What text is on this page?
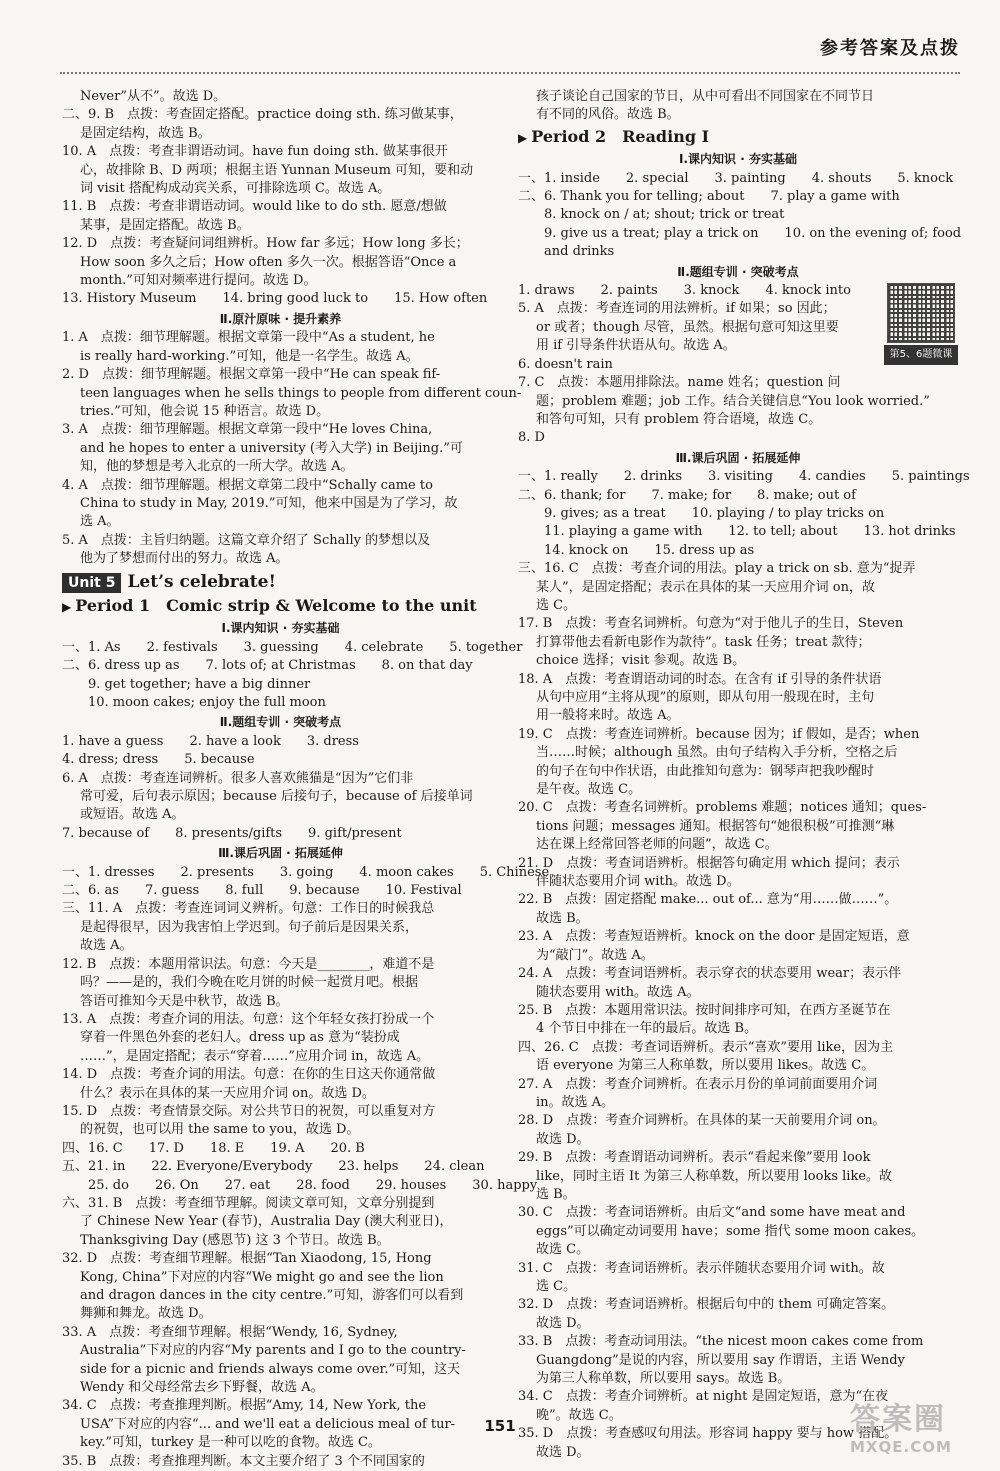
参考答案及点拨
Never”从不”。故选 D。
二、9. B　点拨：考查固定搭配。practice doing sth. 练习做某事，
是固定结构，故选 B。
10. A　点拨：考查非谓语动词。have fun doing sth. 做某事很开
心，故排除 B、D 两项；根据主语 Yunnan Museum 可知，要和动
词 visit 搭配构成动宾关系，可排除选项 C。故选 A。
11. B　点拨：考查非谓语动词。would like to do sth. 愿意/想做
某事，是固定搭配。故选 B。
12. D　点拨：考查疑问词组辨析。How far 多远；How long 多长；
How soon 多久之后；How often 多久一次。根据答语“Once a
month.”可知对频率进行提问。故选 D。
13. History Museum　　14. bring good luck to　　15. How often
Ⅱ.原汁原味 · 提升素养
1. A　点拨：细节理解题。根据文章第一段中“As a student, he
is really hard-working.”可知，他是一名学生。故选 A。
2. D　点拨：细节理解题。根据文章第一段中“He can speak fif-
teen languages when he sells things to people from different coun-
tries.”可知，他会说 15 种语言。故选 D。
3. A　点拨：细节理解题。根据文章第一段中“He loves China,
and he hopes to enter a university (考入大学) in Beijing.”可
知，他的梦想是考入北京的一所大学。故选 A。
4. A　点拨：细节理解题。根据文章第二段中“Schally came to
China to study in May, 2019.”可知，他来中国是为了学习，故
选 A。
5. A　点拨：主旨归纳题。这篇文章介绍了 Schally 的梦想以及
他为了梦想而付出的努力。故选 A。
Unit 5 Let’s celebrate!
▶ Period 1　Comic strip & Welcome to the unit
Ⅰ.课内知识 · 夯实基础
一、1. As　　2. festivals　　3. guessing　　4. celebrate　　5. together
二、6. dress up as　　7. lots of; at Christmas　　8. on that day
9. get together; have a big dinner
10. moon cakes; enjoy the full moon
Ⅱ.题组专训 · 突破考点
1. have a guess　　2. have a look　　3. dress
4. dress; dress　　5. because
6. A　点拨：考查连词辨析。很多人喜欢熊猫是“因为”它们非
常可爱，后句表示原因；because 后接句子，because of 后接单词
或短语。故选 A。
7. because of　　8. presents/gifts　　9. gift/present
Ⅲ.课后巩固 · 拓展延伸
一、1. dresses　　2. presents　　3. going　　4. moon cakes　　5. Chinese
二、6. as　　7. guess　　8. full　　9. because　　10. Festival
三、11. A　点拨：考查连词词义辨析。句意：工作日的时候我总
是起得很早，因为我害怕上学迟到。句子前后是因果关系，
故选 A。
12. B　点拨：本题用常识法。句意：今天是________，难道不是
吗？——是的，我们今晚在吃月饼的时候一起赏月吧。根据
答语可推知今天是中秋节，故选 B。
13. A　点拨：考查介词的用法。句意：这个年轻女孩打扮成一个
穿着一件黑色外套的老妇人。dress up as 意为“装扮成
……”，是固定搭配；表示“穿着……”应用介词 in，故选 A。
14. D　点拨：考查介词的用法。句意：在你的生日这天你通常做
什么？表示在具体的某一天应用介词 on。故选 D。
15. D　点拨：考查情景交际。对公共节日的祝贺，可以重复对方
的祝贺，也可以用 the same to you，故选 D。
四、16. C　　17. D　　18. E　　19. A　　20. B
五、21. in　　22. Everyone/Everybody　　23. helps　　24. clean
25. do　　26. On　　27. eat　　28. food　　29. houses　　30. happy
六、31. B　点拨：考查细节理解。阅读文章可知，文章分别提到
了 Chinese New Year (春节)，Australia Day (澳大利亚日)，
Thanksgiving Day (感恩节) 这 3 个节日。故选 B。
32. D　点拨：考查细节理解。根据“Tan Xiaodong, 15, Hong
Kong, China”下对应的内容“We might go and see the lion
and dragon dances in the city centre.”可知，游客们可以看到
舞狮和舞龙。故选 D。
33. A　点拨：考查细节理解。根据“Wendy, 16, Sydney,
Australia”下对应的内容“My parents and I go to the country-
side for a picnic and friends always come over.”可知，这天
Wendy 和父母经常去乡下野餐，故选 A。
34. C　点拨：考查推理判断。根据“Amy, 14, New York, the
USA”下对应的内容“... and we'll eat a delicious meal of tur-
key.”可知，turkey 是一种可以吃的食物。故选 C。
35. B　点拨：考查推理判断。本文主要介绍了 3 个不同国家的
第5、6题微课
孩子谈论自己国家的节日，从中可看出不同国家在不同节日
有不同的风俗。故选 B。
▶ Period 2　Reading Ⅰ
Ⅰ.课内知识 · 夯实基础
一、1. inside　　2. special　　3. painting　　4. shouts　　5. knock
二、6. Thank you for telling; about　　7. play a game with
8. knock on / at; shout; trick or treat
9. give us a treat; play a trick on　　10. on the evening of; food
and drinks
Ⅱ.题组专训 · 突破考点
1. draws　　2. paints　　3. knock　　4. knock into
5. A　点拨：考查连词的用法辨析。if 如果；so 因此；
or 或者；though 尽管，虽然。根据句意可知这里要
用 if 引导条件状语从句。故选 A。
6. doesn't rain
7. C　点拨：本题用排除法。name 姓名；question 问
题；problem 难题；job 工作。结合关键信息“You look worried.”
和答句可知，只有 problem 符合语境，故选 C。
8. D
Ⅲ.课后巩固 · 拓展延伸
一、1. really　　2. drinks　　3. visiting　　4. candies　　5. paintings
二、6. thank; for　　7. make; for　　8. make; out of
9. gives; as a treat　　10. playing / to play tricks on
11. playing a game with　　12. to tell; about　　13. hot drinks
14. knock on　　15. dress up as
三、16. C　点拨：考查介词的用法。play a trick on sb. 意为“捉弄
某人”，是固定搭配；表示在具体的某一天应用介词 on，故
选 C。
17. B　点拨：考查名词辨析。句意为“对于他儿子的生日，Steven
打算带他去看新电影作为款待”。task 任务；treat 款待；
choice 选择；visit 参观。故选 B。
18. A　点拨：考查谓语动词的时态。在含有 if 引导的条件状语
从句中应用“主将从现”的原则，即从句用一般现在时，主句
用一般将来时。故选 A。
19. C　点拨：考查连词辨析。because 因为；if 假如，是否；when
当……时候；although 虽然。由句子结构入手分析，空格之后
的句子在句中作状语，由此推知句意为：钢琴声把我吵醒时
是午夜。故选 C。
20. C　点拨：考查名词辨析。problems 难题；notices 通知；ques-
tions 问题；messages 通知。根据答句“她很积极”可推测“琳
达在课上经常回答老师的问题”，故选 C。
21. D　点拨：考查词语辨析。根据答句确定用 which 提问；表示
伴随状态要用介词 with。故选 D。
22. B　点拨：固定搭配 make... out of... 意为“用……做……”。
故选 B。
23. A　点拨：考查短语辨析。knock on the door 是固定短语，意
为“敲门”。故选 A。
24. A　点拨：考查词语辨析。表示穿衣的状态要用 wear；表示伴
随状态要用 with。故选 A。
25. B　点拨：本题用常识法。按时间排序可知，在西方圣诞节在
4 个节日中排在一年的最后。故选 B。
四、26. C　点拨：考查词语辨析。表示“喜欢”要用 like，因为主
语 everyone 为第三人称单数，所以要用 likes。故选 C。
27. A　点拨：考查介词辨析。在表示月份的单词前面要用介词
in。故选 A。
28. D　点拨：考查介词辨析。在具体的某一天前要用介词 on。
故选 D。
29. B　点拨：考查谓语动词辨析。表示“看起来像”要用 look
like，同时主语 It 为第三人称单数，所以要用 looks like。故
选 B。
30. C　点拨：考查词语辨析。由后文“and some have meat and
eggs”可以确定动词要用 have；some 指代 some moon cakes。
故选 C。
31. C　点拨：考查词语辨析。表示伴随状态要用介词 with。故
选 C。
32. D　点拨：考查词语辨析。根据后句中的 them 可确定答案。
故选 D。
33. B　点拨：考查动词用法。“the nicest moon cakes come from
Guangdong”是说的内容，所以要用 say 作谓语，主语 Wendy
为第三人称单数，所以要用 says。故选 B。
34. C　点拨：考查介词辨析。at night 是固定短语，意为“在夜
晚”。故选 C。
35. D　点拨：考查感叹句用法。形容词 happy 要与 how 搭配。
故选 D。
151	答案圈
MXQE.COM
